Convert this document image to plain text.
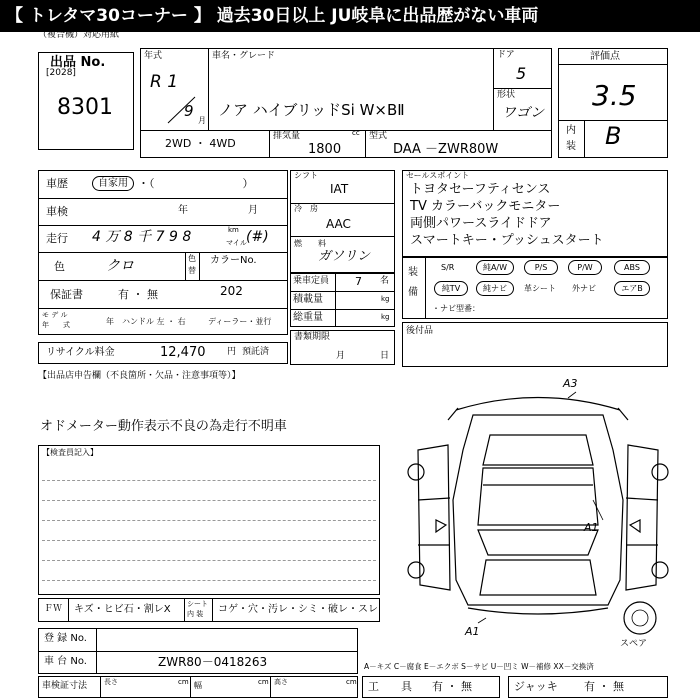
【 トレタマ30コーナー 】 過去30日以上 JU岐阜に出品歴がない車両
（複合機）対応用紙
出品 No.
[2028]
8301
年式
R 1
9
月
車名・グレード
ノア ハイブリッドSi W×BⅡ
ドア
5
形状
ワゴン
2WD ・ 4WD
排気量	cc
1800
型式
DAA －ZWR80W
評価点
3.5
内
装 B
車歴	自家用 ・（　　　　　　　　）
車検	年	月
走行 4 万 8 千 7 9 8	km
マイル (#)
色	クロ	色
替
カラーNo.
202
保証書	有 ・ 無
モ デ ル
年　　式	年 ハンドル 左 ・ 右	ディーラー・並行
リサイクル料金	12,470 円 預託済
シフト
IAT
冷　房
AAC
燃 料
ガソリン
乗車定員 7 名
積載量	kg
総重量	kg
書類期限
月	日
セールスポイント
トヨタセーフティセンス
TV カラーバックモニター
両側パワースライドドア
スマートキー・プッシュスタート
装
備
S/R	純A/W	P/S	P/W	ABS
純TV	純ナビ	革シート 外ナビ	エアB
・ナビ型番：
後付品
【出品店申告欄（不良箇所・欠品・注意事項等）】
オドメーター動作表示不良の為走行不明車
【検査員記入】
ＦＷ キズ・ヒビ石・割レX シート
内 装 コゲ・穴・汚レ・シミ・破レ・スレ
登 録 No.
車 台 No.	ZWR80－0418263
車検証寸法 長さ	cm 幅	cm 高さ	cm
A3
A1
A1
スペア
A－キズ C－腐食 E－エクボ S－サビ U－凹ミ W－補修 XX－交換済
工　　具 有 ・ 無	ジャッキ 有 ・ 無
